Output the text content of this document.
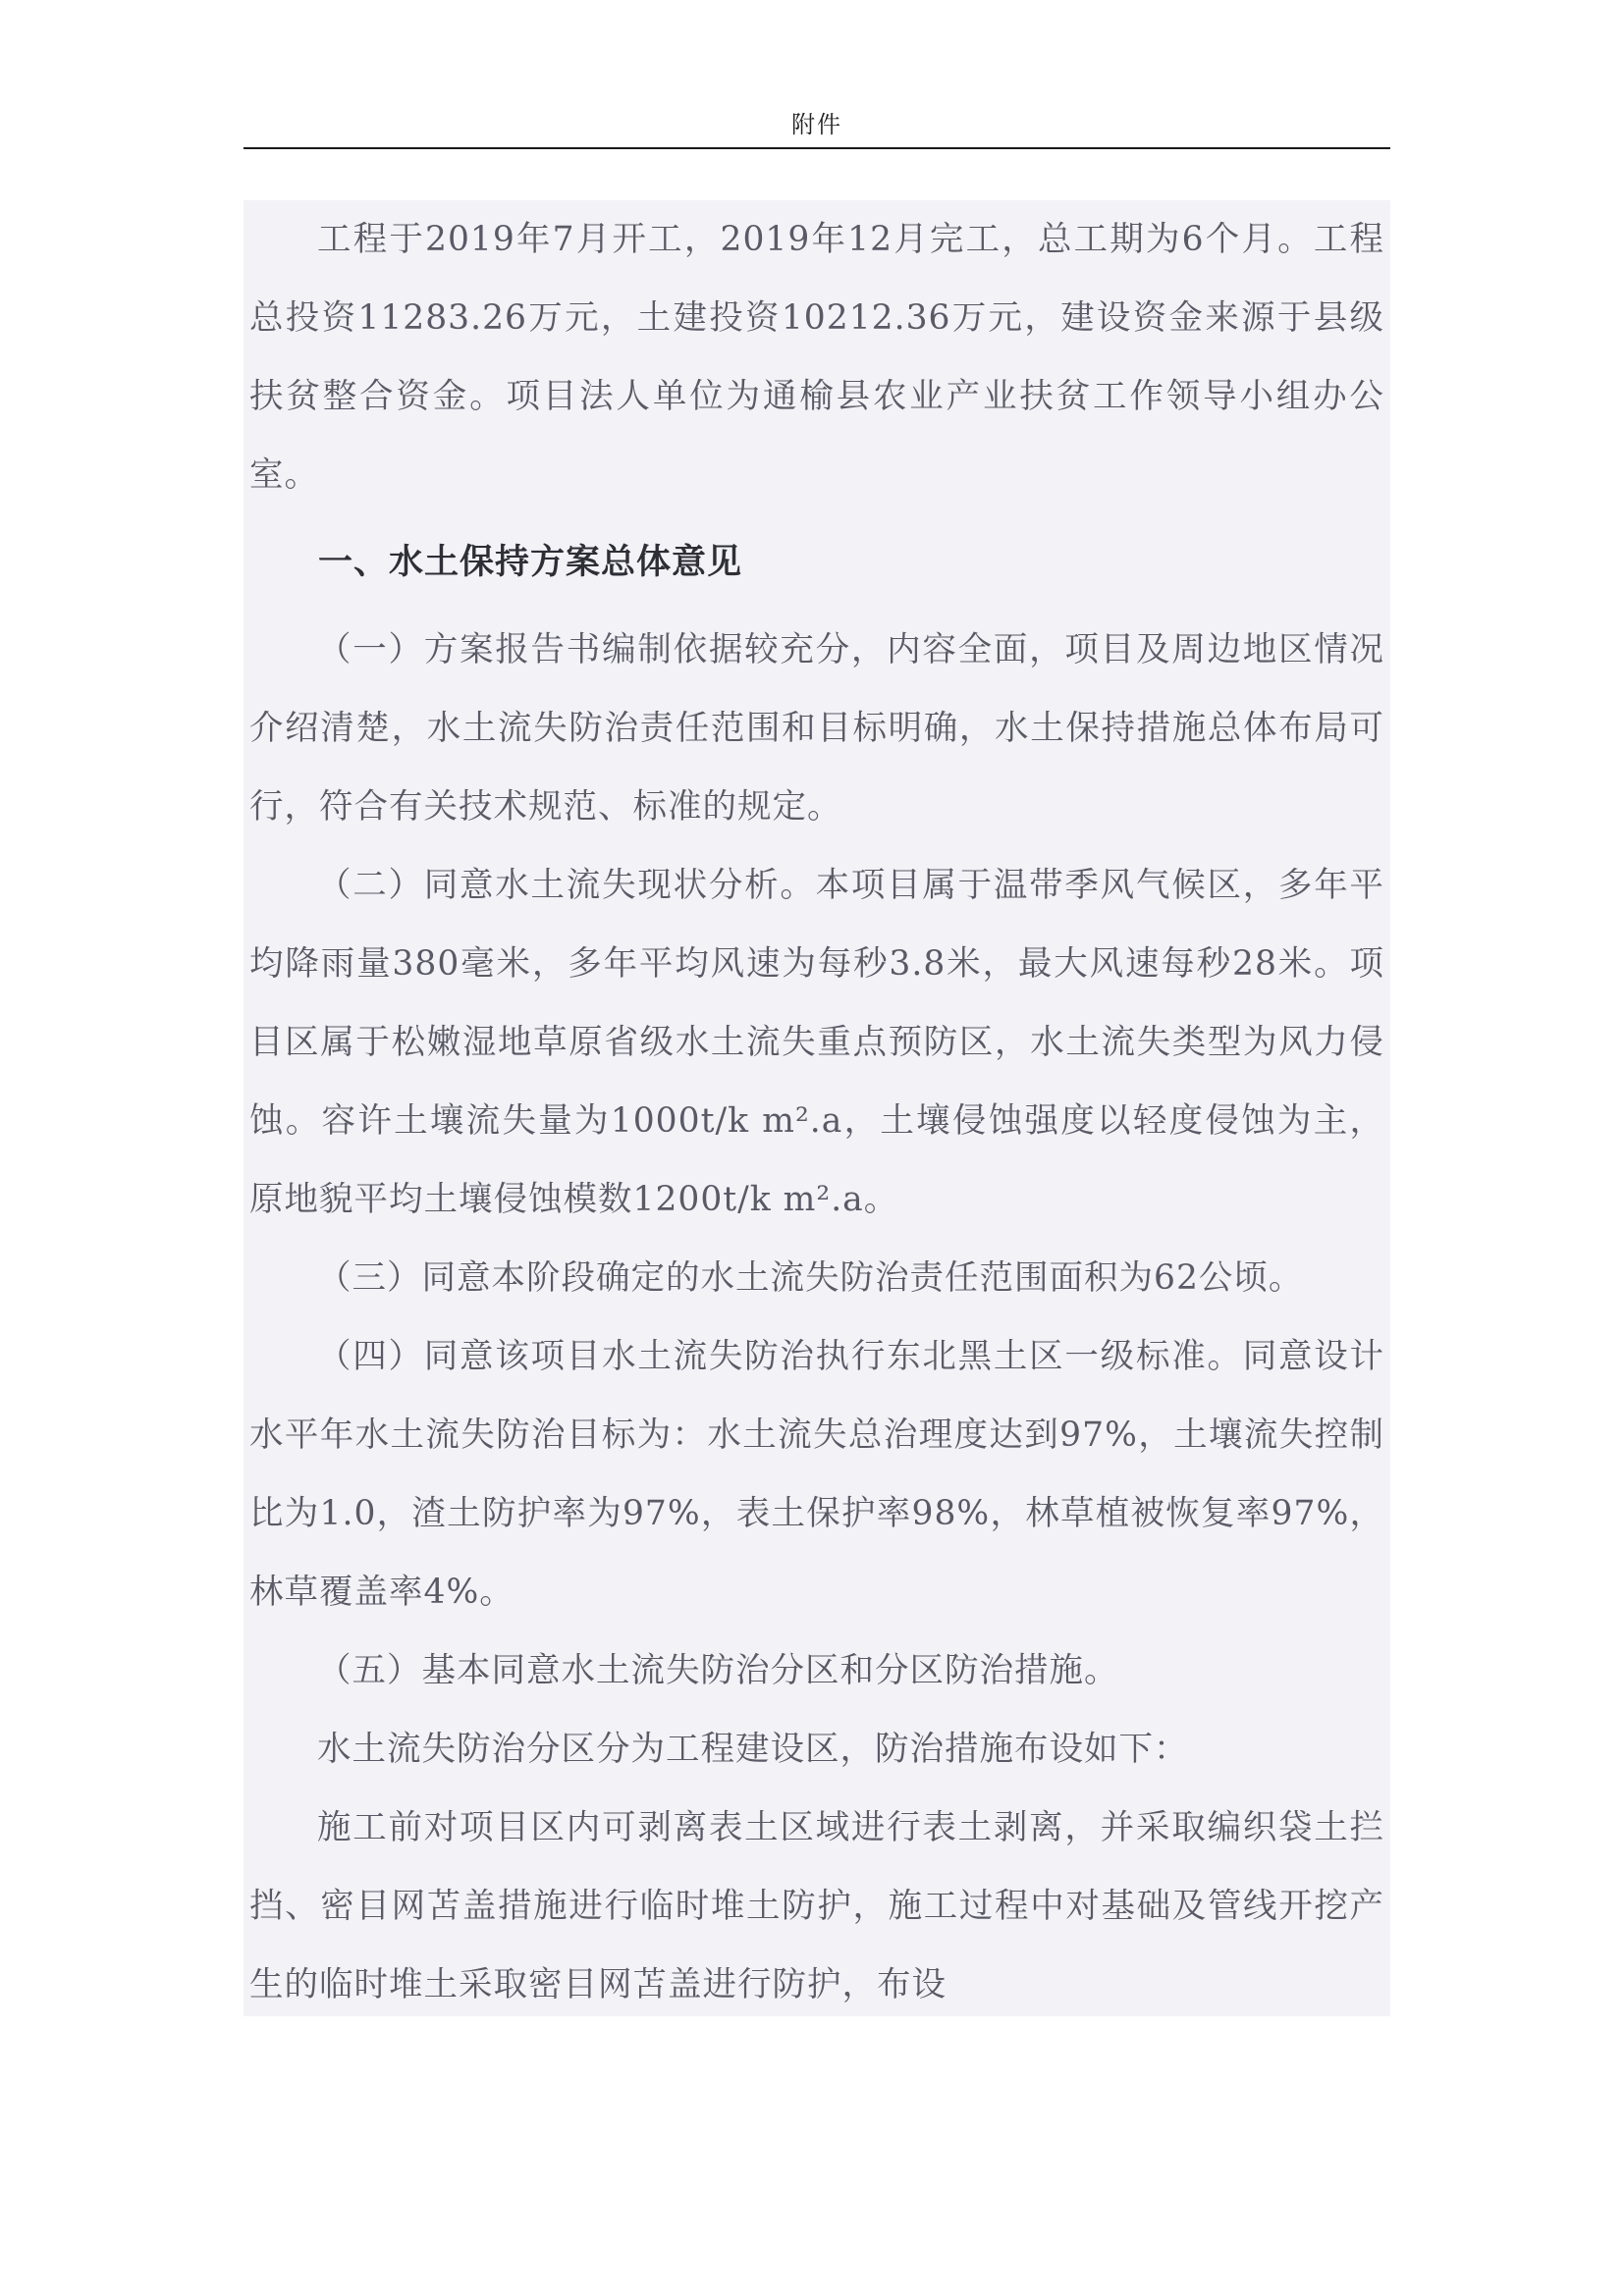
附件

工程于2019年7月开工，2019年12月完工，总工期为6个月。工程总投资11283.26万元，土建投资10212.36万元，建设资金来源于县级扶贫整合资金。项目法人单位为通榆县农业产业扶贫工作领导小组办公室。

一、水土保持方案总体意见

（一）方案报告书编制依据较充分，内容全面，项目及周边地区情况介绍清楚，水土流失防治责任范围和目标明确，水土保持措施总体布局可行，符合有关技术规范、标准的规定。

（二）同意水土流失现状分析。本项目属于温带季风气候区，多年平均降雨量380毫米，多年平均风速为每秒3.8米，最大风速每秒28米。项目区属于松嫩湿地草原省级水土流失重点预防区，水土流失类型为风力侵蚀。容许土壤流失量为1000t/k m².a，土壤侵蚀强度以轻度侵蚀为主，原地貌平均土壤侵蚀模数1200t/k m².a。

（三）同意本阶段确定的水土流失防治责任范围面积为62公顷。

（四）同意该项目水土流失防治执行东北黑土区一级标准。同意设计水平年水土流失防治目标为：水土流失总治理度达到97%，土壤流失控制比为1.0，渣土防护率为97%，表土保护率98%，林草植被恢复率97%，林草覆盖率4%。

（五）基本同意水土流失防治分区和分区防治措施。

水土流失防治分区分为工程建设区，防治措施布设如下：

施工前对项目区内可剥离表土区域进行表土剥离，并采取编织袋土拦挡、密目网苫盖措施进行临时堆土防护，施工过程中对基础及管线开挖产生的临时堆土采取密目网苫盖进行防护，布设
